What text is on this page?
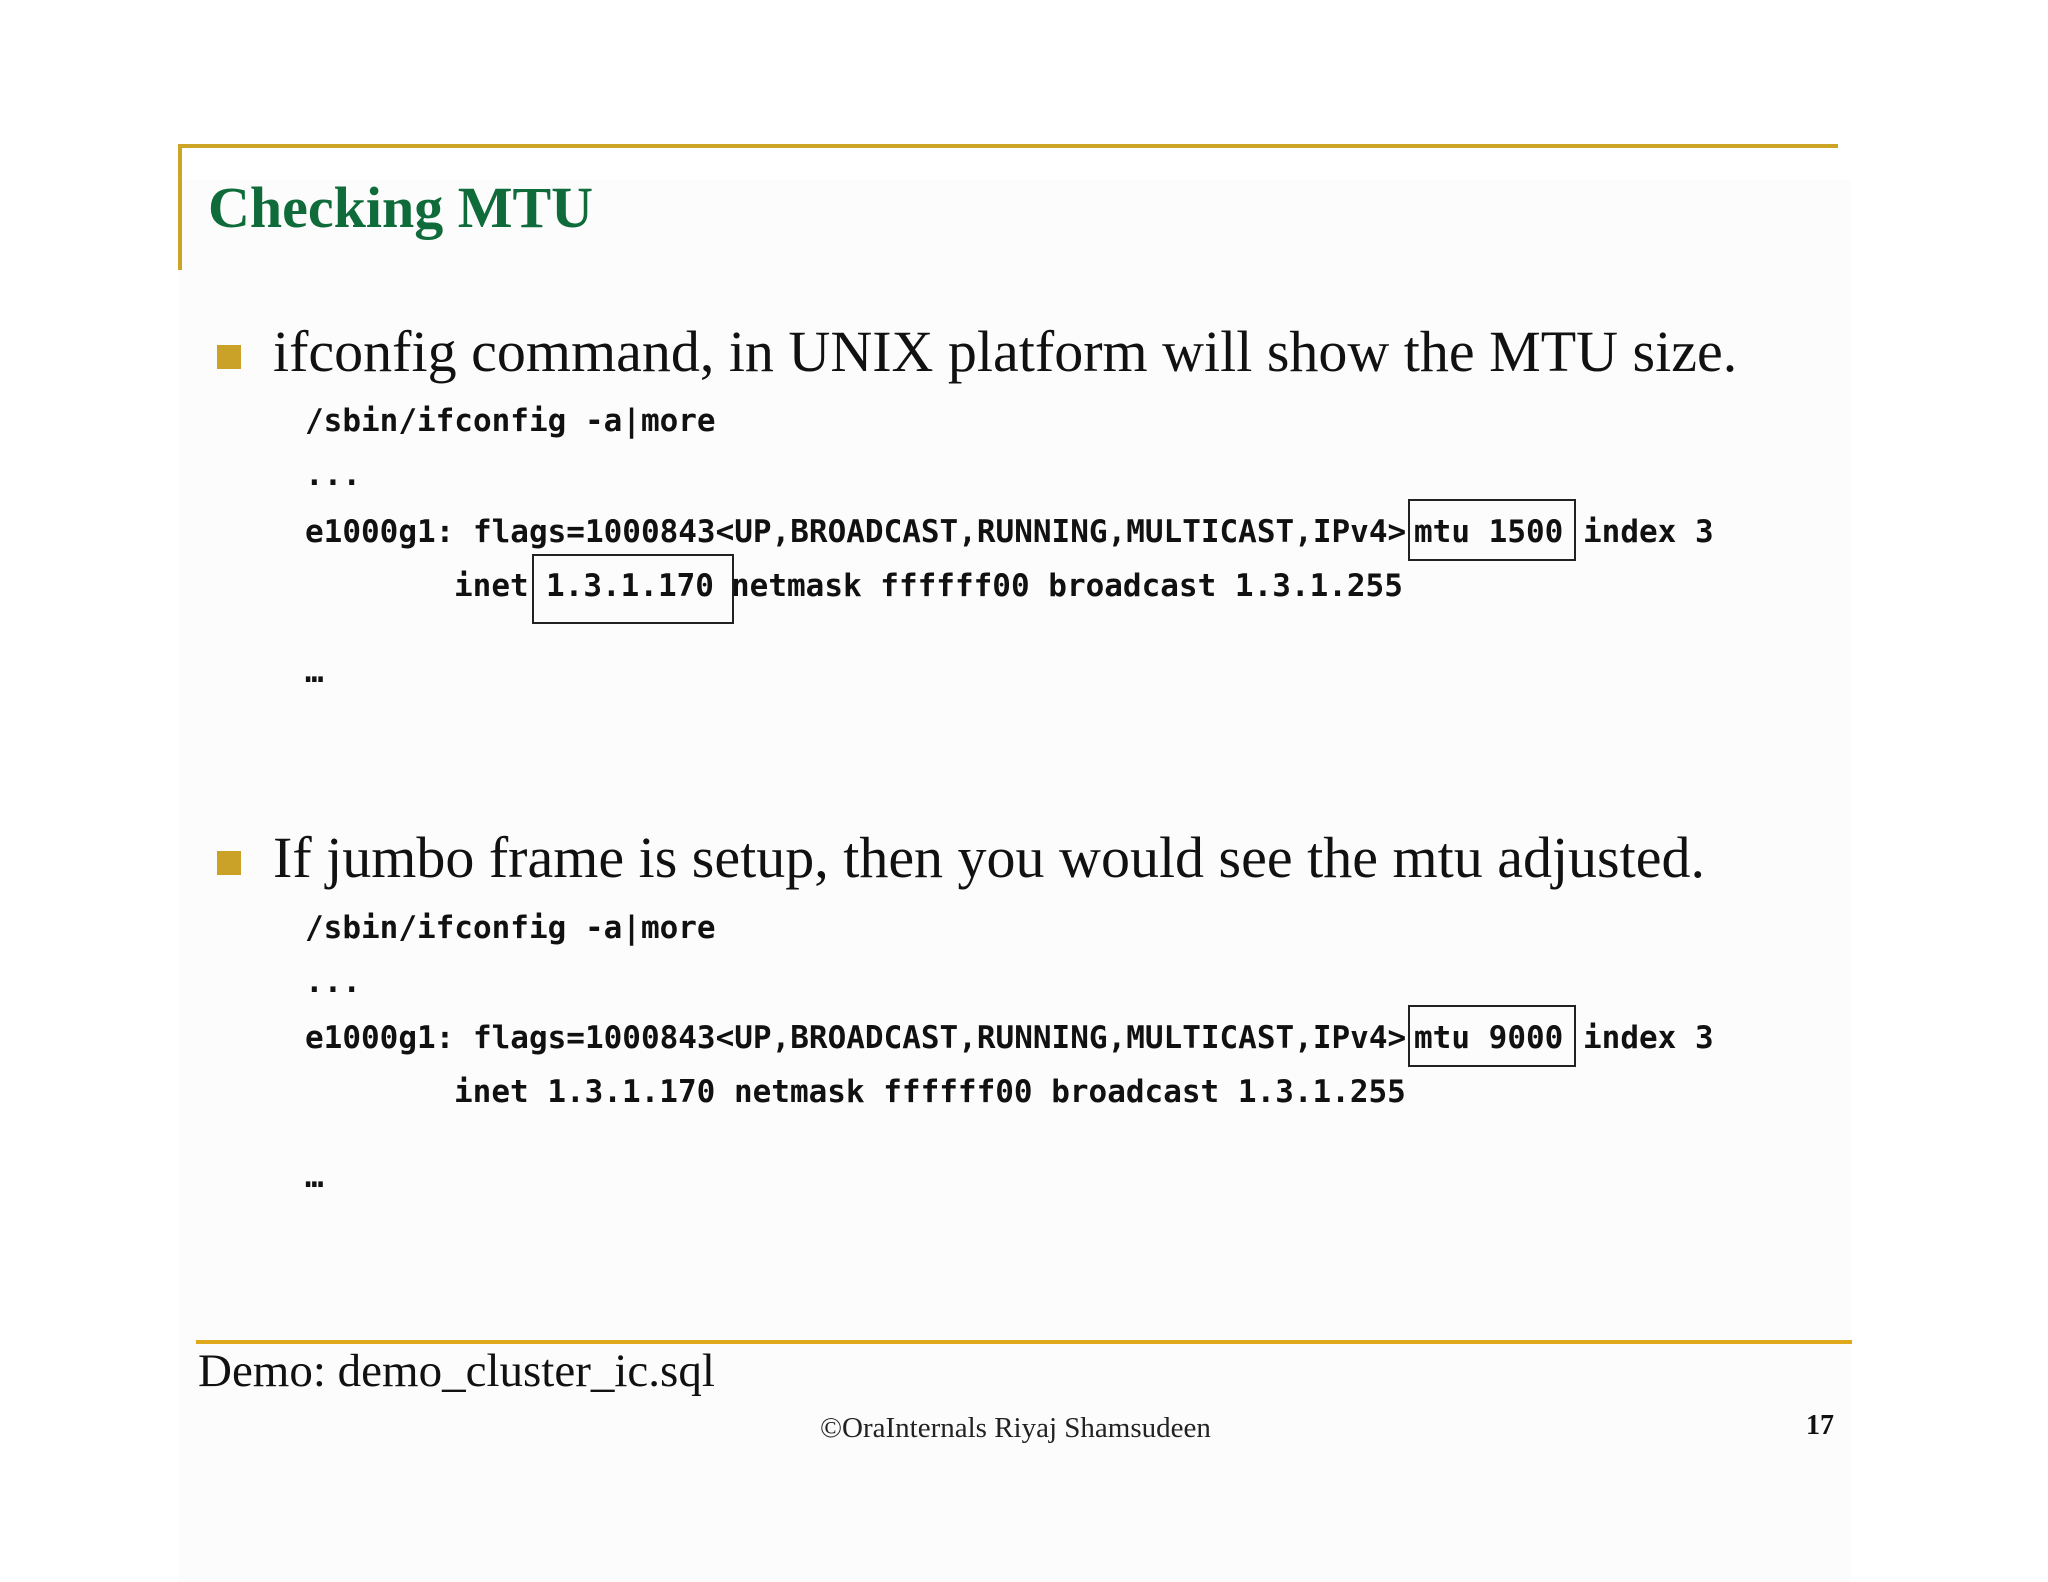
Checking MTU
ifconfig command, in UNIX platform will show the MTU size.
/sbin/ifconfig -a|more
...
e1000g1: flags=1000843<UP,BROADCAST,RUNNING,MULTICAST,IPv4> mtu 1500 index 3
inet 1.3.1.170 netmask ffffff00 broadcast 1.3.1.255
…
If jumbo frame is setup, then you would see the mtu adjusted.
/sbin/ifconfig -a|more
...
e1000g1: flags=1000843<UP,BROADCAST,RUNNING,MULTICAST,IPv4> mtu 9000 index 3
inet 1.3.1.170 netmask ffffff00 broadcast 1.3.1.255
…
Demo: demo_cluster_ic.sql
©OraInternals Riyaj Shamsudeen	17
